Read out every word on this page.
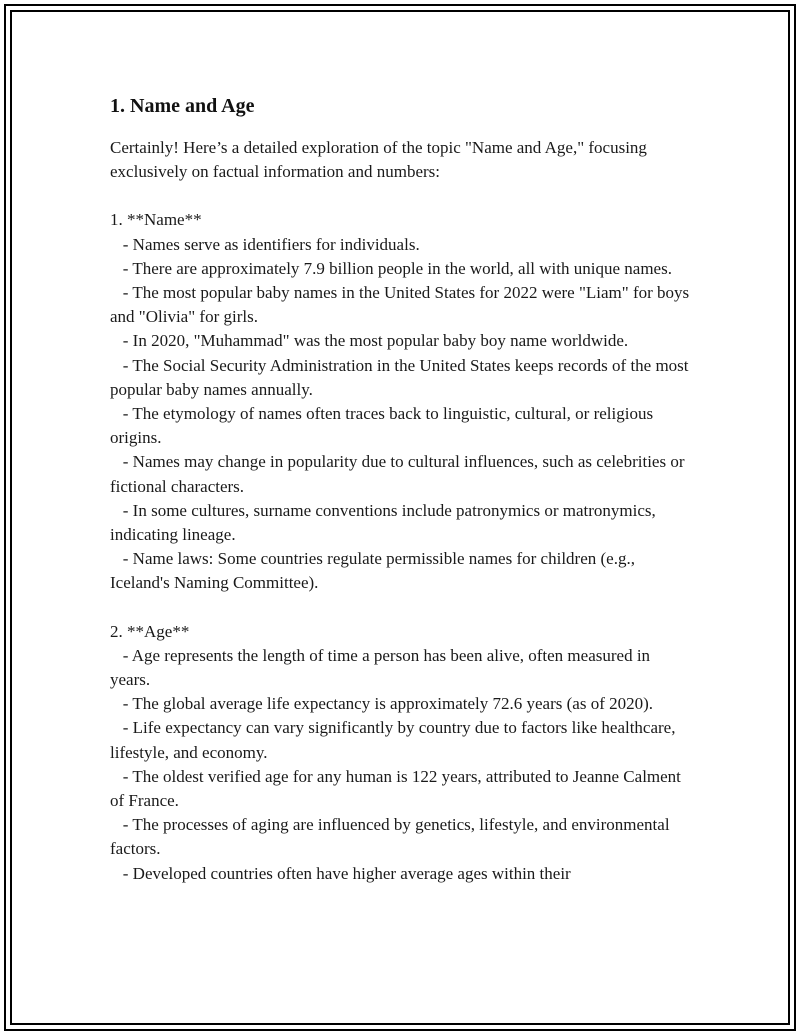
1. Name and Age

Certainly! Here’s a detailed exploration of the topic "Name and Age," focusing exclusively on factual information and numbers:

1. **Name**

- Names serve as identifiers for individuals.

- There are approximately 7.9 billion people in the world, all with unique names.

- The most popular baby names in the United States for 2022 were "Liam" for boys and "Olivia" for girls.

- In 2020, "Muhammad" was the most popular baby boy name worldwide.

- The Social Security Administration in the United States keeps records of the most popular baby names annually.

- The etymology of names often traces back to linguistic, cultural, or religious origins.

- Names may change in popularity due to cultural influences, such as celebrities or fictional characters.

- In some cultures, surname conventions include patronymics or matronymics, indicating lineage.

- Name laws: Some countries regulate permissible names for children (e.g., Iceland's Naming Committee).

2. **Age**

- Age represents the length of time a person has been alive, often measured in years.

- The global average life expectancy is approximately 72.6 years (as of 2020).

- Life expectancy can vary significantly by country due to factors like healthcare, lifestyle, and economy.

- The oldest verified age for any human is 122 years, attributed to Jeanne Calment of France.

- The processes of aging are influenced by genetics, lifestyle, and environmental factors.

- Developed countries often have higher average ages within their
